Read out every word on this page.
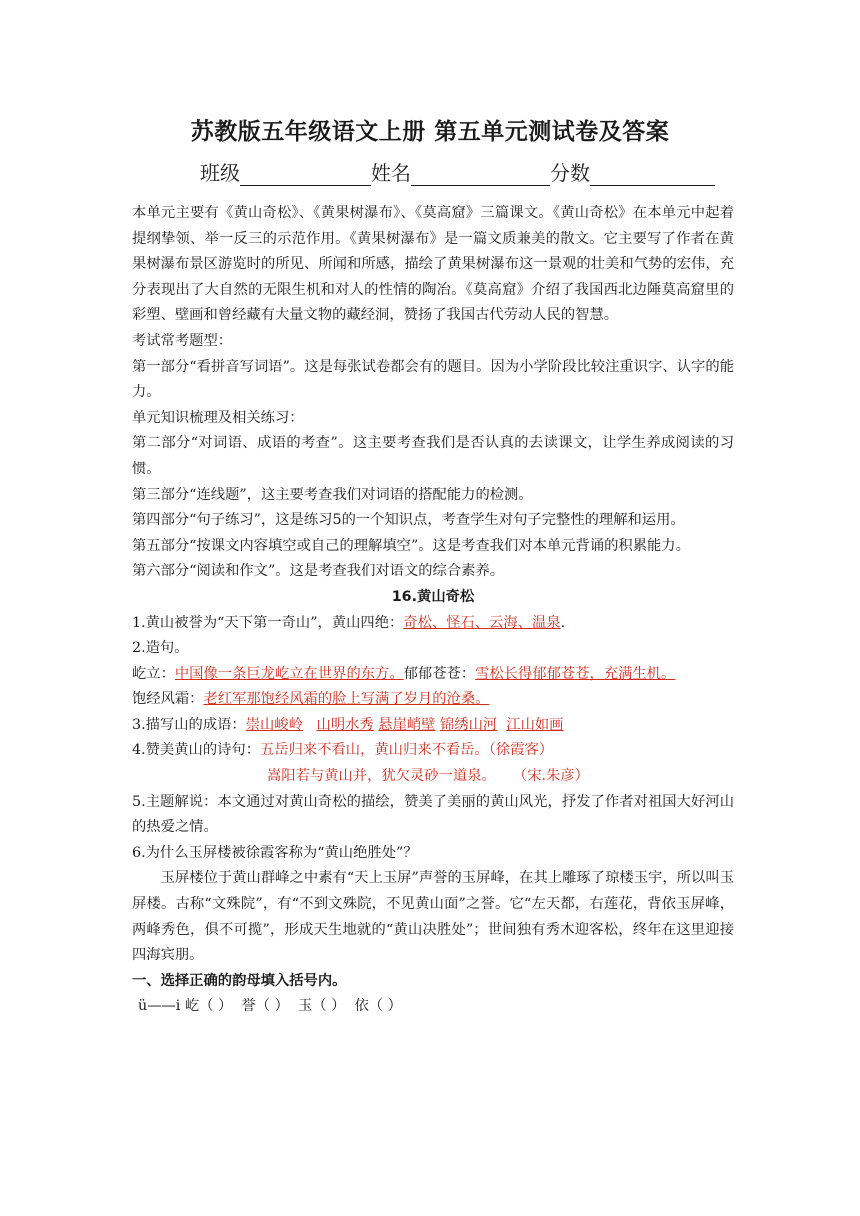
苏教版五年级语文上册 第五单元测试卷及答案
班级	姓名	分数

本单元主要有《黄山奇松》、《黄果树瀑布》、《莫高窟》三篇课文。《黄山奇松》在本单元中起着提纲挚领、举一反三的示范作用。《黄果树瀑布》是一篇文质兼美的散文。它主要写了作者在黄果树瀑布景区游览时的所见、所闻和所感，描绘了黄果树瀑布这一景观的壮美和气势的宏伟，充分表现出了大自然的无限生机和对人的性情的陶冶。《莫高窟》介绍了我国西北边陲莫高窟里的彩塑、壁画和曾经藏有大量文物的藏经洞，赞扬了我国古代劳动人民的智慧。

考试常考题型：

第一部分“看拼音写词语”。这是每张试卷都会有的题目。因为小学阶段比较注重识字、认字的能力。

单元知识梳理及相关练习：

第二部分“对词语、成语的考查”。这主要考查我们是否认真的去读课文，让学生养成阅读的习惯。

第三部分“连线题”，这主要考查我们对词语的搭配能力的检测。

第四部分“句子练习”，这是练习5的一个知识点，考查学生对句子完整性的理解和运用。

第五部分“按课文内容填空或自己的理解填空”。这是考查我们对本单元背诵的积累能力。

第六部分“阅读和作文”。这是考查我们对语文的综合素养。

16.黄山奇松

1.黄山被誉为“天下第一奇山”，黄山四绝：奇松、怪石、云海、温泉.

2.造句。

屹立：中国像一条巨龙屹立在世界的东方。郁郁苍苍：雪松长得郁郁苍苍，充满生机。

饱经风霜：老红军那饱经风霜的脸上写满了岁月的沧桑。

3.描写山的成语：崇山峻岭 山明水秀 悬崖峭壁 锦绣山河 江山如画

4.赞美黄山的诗句：五岳归来不看山，黄山归来不看岳。（徐霞客）

嵩阳若与黄山并，犹欠灵砂一道泉。 （宋.朱彦）

5.主题解说：本文通过对黄山奇松的描绘，赞美了美丽的黄山风光，抒发了作者对祖国大好河山的热爱之情。

6.为什么玉屏楼被徐霞客称为“黄山绝胜处”？

玉屏楼位于黄山群峰之中素有“天上玉屏”声誉的玉屏峰，在其上雕琢了琼楼玉宇，所以叫玉屏楼。古称“文殊院”，有“不到文殊院，不见黄山面”之誉。它“左天都，右莲花，背依玉屏峰，两峰秀色，俱不可揽”，形成天生地就的“黄山决胜处”；世间独有秀木迎客松，终年在这里迎接四海宾朋。

一、选择正确的韵母填入括号内。

ü——i 屹（ ） 誉（ ） 玉（ ） 依（ ）
